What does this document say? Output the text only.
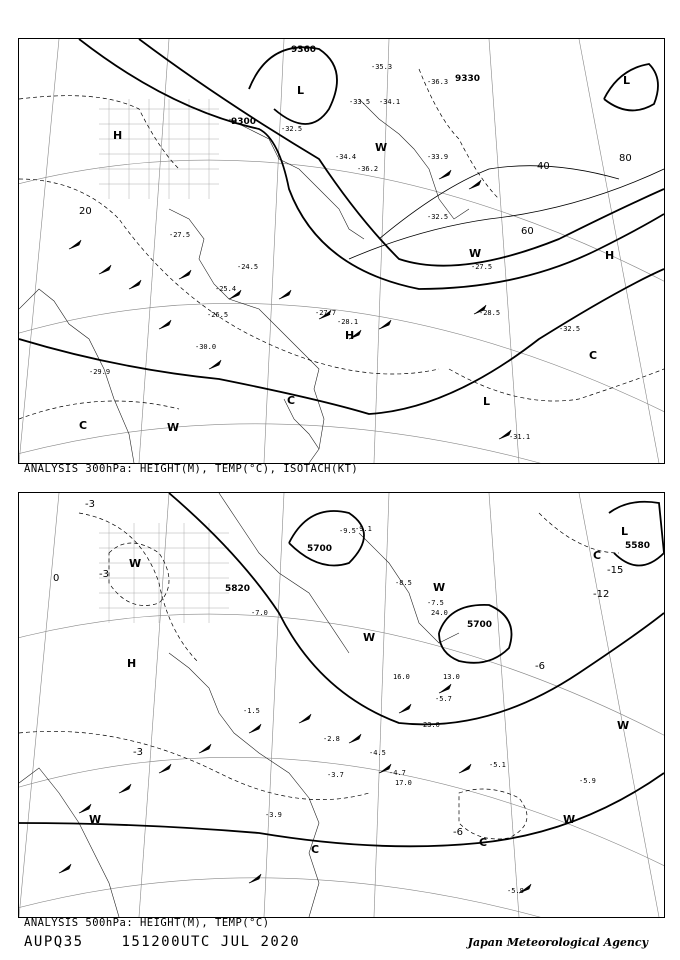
9360
9330
9300
20
40
60
80
H
H
H
L
L
L
C
C
C
W
W
W
-35.3
-36.3
-33.5 -34.1
-32.5
-34.4
-36.2
-33.9
-32.5
-27.5
-28.5
-32.5
-31.1
-29.9
-26.5
-28.1
-27.7
-24.5
-25.4
-27.5
-30.0
ANALYSIS 300hPa: HEIGHT(M), TEMP(°C), ISOTACH(KT)
5700
5820
5580
5700
-3
0
-3
-6
-12
-15
-6
-3
H
L
C
C
C
W
W
W
W
W
W
-9.5
-8.5
-7.5
-5.7
-4.5
-5.1
-5.9
-5.8
-3.9
-4.7
-3.7
-2.8
-1.5
-7.0
-9.1
16.0
24.0
13.0
17.0
23.0
ANALYSIS 500hPa: HEIGHT(M), TEMP(°C)
AUPQ35	151200UTC JUL 2020	Japan Meteorological Agency
